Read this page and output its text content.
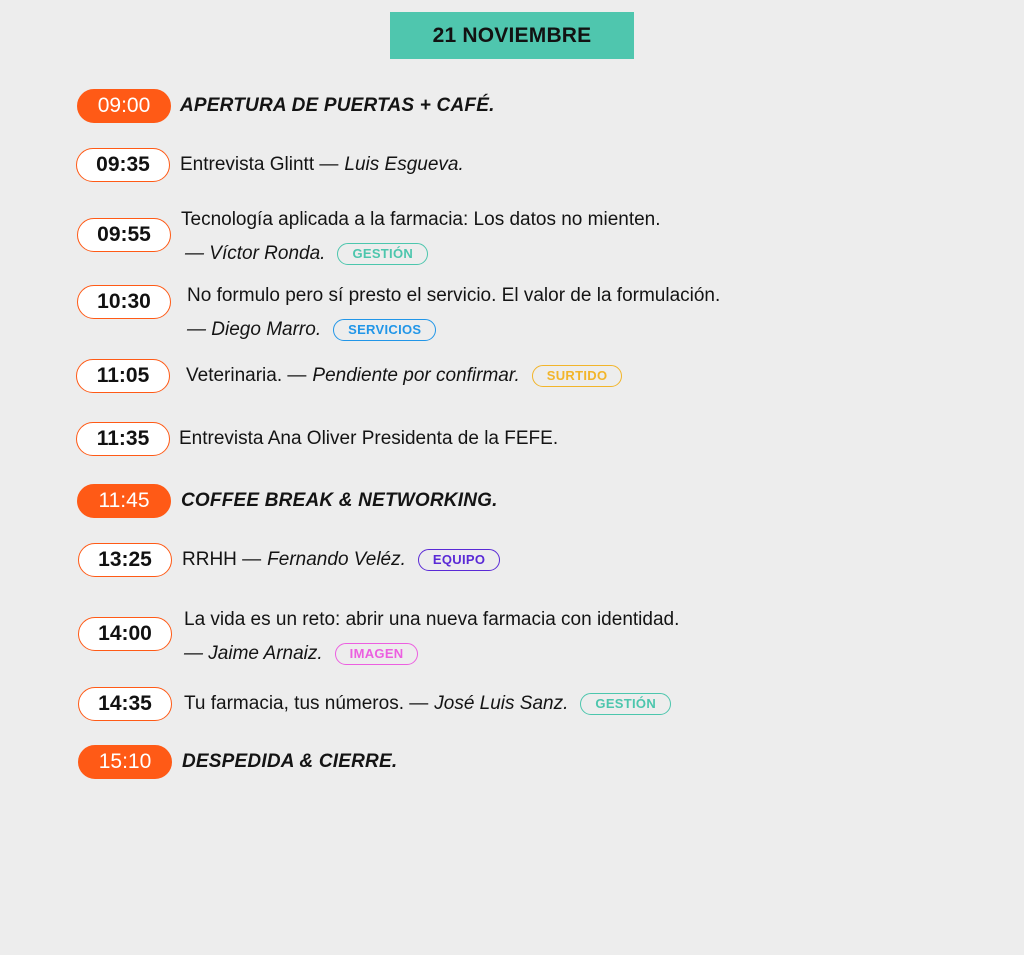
21 NOVIEMBRE
09:00	APERTURA DE PUERTAS + CAFÉ.
09:35	Entrevista Glintt — Luis Esgueva.
09:55
Tecnología aplicada a la farmacia: Los datos no mienten.
— Víctor Ronda.	GESTIÓN
10:30	No formulo pero sí presto el servicio. El valor de la formulación.
— Diego Marro.	SERVICIOS
11:05	Veterinaria. — Pendiente por confirmar.	SURTIDO
11:35	Entrevista Ana Oliver Presidenta de la FEFE.
11:45	COFFEE BREAK & NETWORKING.
13:25	RRHH — Fernando Veléz.	EQUIPO
14:00
La vida es un reto: abrir una nueva farmacia con identidad.
— Jaime Arnaiz.	IMAGEN
14:35	Tu farmacia, tus números. — José Luis Sanz.	GESTIÓN
15:10	DESPEDIDA & CIERRE.
